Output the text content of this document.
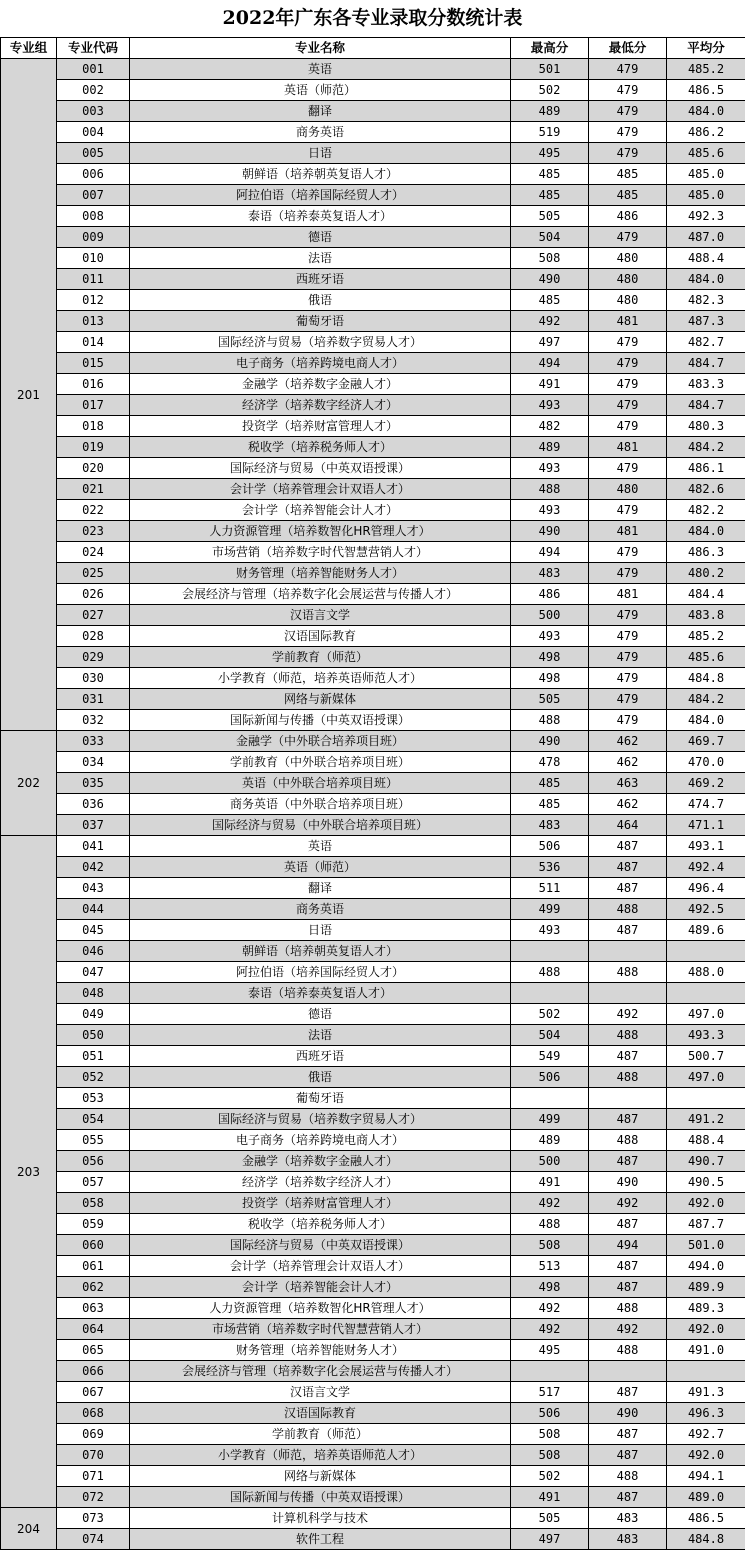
2022年广东各专业录取分数统计表
专业组	专业代码	专业名称	最高分	最低分	平均分
201	001	英语	501	479	485.2
	002	英语（师范）	502	479	486.5
	003	翻译	489	479	484.0
	004	商务英语	519	479	486.2
	005	日语	495	479	485.6
	006	朝鲜语（培养朝英复语人才）	485	485	485.0
	007	阿拉伯语（培养国际经贸人才）	485	485	485.0
	008	泰语（培养泰英复语人才）	505	486	492.3
	009	德语	504	479	487.0
	010	法语	508	480	488.4
	011	西班牙语	490	480	484.0
	012	俄语	485	480	482.3
	013	葡萄牙语	492	481	487.3
	014	国际经济与贸易（培养数字贸易人才）	497	479	482.7
	015	电子商务（培养跨境电商人才）	494	479	484.7
	016	金融学（培养数字金融人才）	491	479	483.3
	017	经济学（培养数字经济人才）	493	479	484.7
	018	投资学（培养财富管理人才）	482	479	480.3
	019	税收学（培养税务师人才）	489	481	484.2
	020	国际经济与贸易（中英双语授课）	493	479	486.1
	021	会计学（培养管理会计双语人才）	488	480	482.6
	022	会计学（培养智能会计人才）	493	479	482.2
	023	人力资源管理（培养数智化HR管理人才）	490	481	484.0
	024	市场营销（培养数字时代智慧营销人才）	494	479	486.3
	025	财务管理（培养智能财务人才）	483	479	480.2
	026	会展经济与管理（培养数字化会展运营与传播人才）	486	481	484.4
	027	汉语言文学	500	479	483.8
	028	汉语国际教育	493	479	485.2
	029	学前教育（师范）	498	479	485.6
	030	小学教育（师范，培养英语师范人才）	498	479	484.8
	031	网络与新媒体	505	479	484.2
	032	国际新闻与传播（中英双语授课）	488	479	484.0
202	033	金融学（中外联合培养项目班）	490	462	469.7
	034	学前教育（中外联合培养项目班）	478	462	470.0
	035	英语（中外联合培养项目班）	485	463	469.2
	036	商务英语（中外联合培养项目班）	485	462	474.7
	037	国际经济与贸易（中外联合培养项目班）	483	464	471.1
203	041	英语	506	487	493.1
	042	英语（师范）	536	487	492.4
	043	翻译	511	487	496.4
	044	商务英语	499	488	492.5
	045	日语	493	487	489.6
	046	朝鲜语（培养朝英复语人才）			
	047	阿拉伯语（培养国际经贸人才）	488	488	488.0
	048	泰语（培养泰英复语人才）			
	049	德语	502	492	497.0
	050	法语	504	488	493.3
	051	西班牙语	549	487	500.7
	052	俄语	506	488	497.0
	053	葡萄牙语			
	054	国际经济与贸易（培养数字贸易人才）	499	487	491.2
	055	电子商务（培养跨境电商人才）	489	488	488.4
	056	金融学（培养数字金融人才）	500	487	490.7
	057	经济学（培养数字经济人才）	491	490	490.5
	058	投资学（培养财富管理人才）	492	492	492.0
	059	税收学（培养税务师人才）	488	487	487.7
	060	国际经济与贸易（中英双语授课）	508	494	501.0
	061	会计学（培养管理会计双语人才）	513	487	494.0
	062	会计学（培养智能会计人才）	498	487	489.9
	063	人力资源管理（培养数智化HR管理人才）	492	488	489.3
	064	市场营销（培养数字时代智慧营销人才）	492	492	492.0
	065	财务管理（培养智能财务人才）	495	488	491.0
	066	会展经济与管理（培养数字化会展运营与传播人才）			
	067	汉语言文学	517	487	491.3
	068	汉语国际教育	506	490	496.3
	069	学前教育（师范）	508	487	492.7
	070	小学教育（师范，培养英语师范人才）	508	487	492.0
	071	网络与新媒体	502	488	494.1
	072	国际新闻与传播（中英双语授课）	491	487	489.0
204	073	计算机科学与技术	505	483	486.5
	074	软件工程	497	483	484.8
